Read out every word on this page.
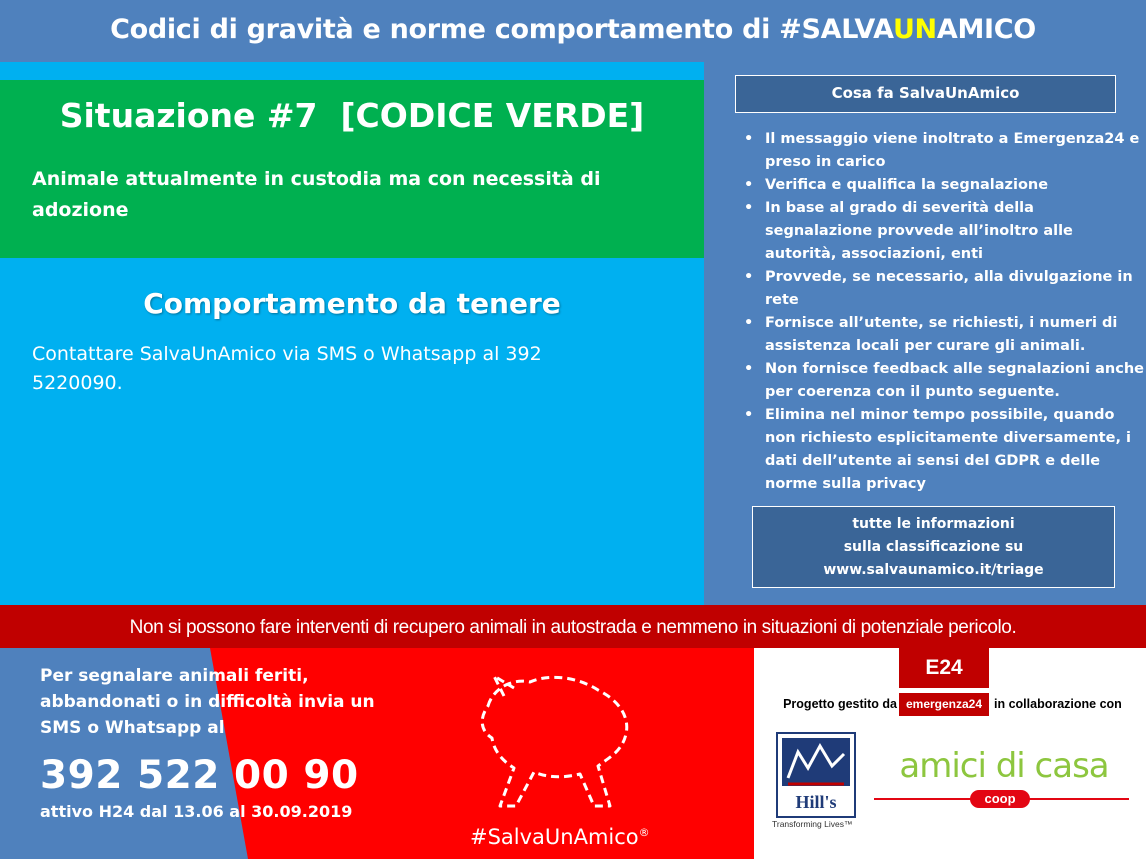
Codici di gravità e norme comportamento di #SALVAUNAMICO
Situazione #7  [CODICE VERDE]
Animale attualmente in custodia ma con necessità di adozione
Comportamento da tenere
Contattare SalvaUnAmico via SMS o Whatsapp al 392 5220090.
Cosa fa SalvaUnAmico
• Il messaggio viene inoltrato a Emergenza24 e preso in carico
• Verifica e qualifica la segnalazione
• In base al grado di severità della segnalazione provvede all’inoltro alle autorità, associazioni, enti
• Provvede, se necessario, alla divulgazione in rete
• Fornisce all’utente, se richiesti, i numeri di assistenza locali per curare gli animali.
• Non fornisce feedback alle segnalazioni anche per coerenza con il punto seguente.
• Elimina nel minor tempo possibile, quando non richiesto esplicitamente diversamente, i dati dell’utente ai sensi del GDPR e delle norme sulla privacy
tutte le informazioni
sulla classificazione su
www.salvaunamico.it/triage
Non si possono fare interventi di recupero animali in autostrada e nemmeno in situazioni di potenziale pericolo.
Per segnalare animali feriti, abbandonati o in difficoltà invia un SMS o Whatsapp al
392 522 00 90
attivo H24 dal 13.06 al 30.09.2019
#SalvaUnAmico®
E24
Progetto gestito da emergenza24 in collaborazione con
Hill's
Transforming Lives™
amici di casa
coop
